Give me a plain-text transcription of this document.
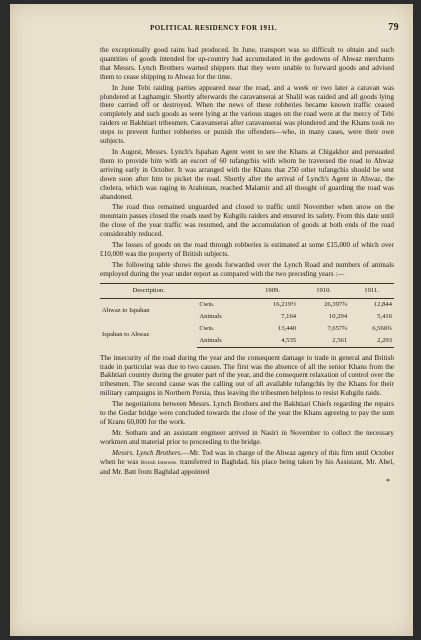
POLITICAL RESIDENCY FOR 1911.	79

the exceptionally good rains had produced. In June, transport was so difficult to obtain and such quantities of goods intended for up-country had accumulated in the godowns of Ahwaz merchants that Messrs. Lynch Brothers warned shippers that they were unable to forward goods and advised them to cease shipping to Ahwaz for the time.

In June Tebi raiding parties appeared near the road, and a week or two later a caravan was plundered at Laghamgir. Shortly afterwards the caravanserai at Shalil was raided and all goods lying there carried off or destroyed. When the news of these robberies became known traffic ceased completely and such goods as were lying at the various stages on the road were at the mercy of Tebi raiders or Bakhtiari tribesmen. Caravanserai after caravanserai was plundered and the Khans took no steps to prevent further robberies or punish the offenders—who, in many cases, were their own subjects.

In August, Messrs. Lynch's Ispahan Agent went to see the Khans at Chigakhor and persuaded them to provide him with an escort of 60 tufangchis with whom he traversed the road to Ahwaz arriving early in October. It was arranged with the Khans that 250 other tufangchis should be sent down soon after him to picket the road. Shortly after the arrival of Lynch's Agent in Ahwaz, the cholera, which was raging in Arabistan, reached Malamir and all thought of guarding the road was abandoned.

The road thus remained unguarded and closed to traffic until November when snow on the mountain passes closed the roads used by Kuhgilu raiders and ensured its safety. From this date until the close of the year traffic was resumed, and the accumulation of goods at both ends of the road considerably reduced.

The losses of goods on the road through robberies is estimated at some £15,000 of which over £10,000 was the property of British subjects.

The following table shows the goods forwarded over the Lynch Road and numbers of animals employed during the year under report as compared with the two preceding years :—

Description.		1909.	1910.	1911.
Ahwaz to Ispahan	Cwts.	16,219½	26,397¾	12,844
	Animals	7,164	10,294	5,416
Ispahan to Ahwaz	Cwts.	13,440	7,657¾	6,560¾
	Animals	4,535	2,561	2,293

The insecurity of the road during the year and the consequent damage to trade in general and British trade in particular was due to two causes. The first was the absence of all the senior Khans from the Bakhtiari country during the greater part of the year, and the consequent relaxation of control over the tribesmen. The second cause was the calling out of all available tufangchis by the Khans for their military campaigns in Northern Persia, thus leaving the tribesmen helpless to resist Kuhgilu raids.

The negotiations between Messrs. Lynch Brothers and the Bakhtiari Chiefs regarding the repairs to the Godar bridge were concluded towards the close of the year the Khans agreeing to pay the sum of Krans 60,000 for the work.

Mr. Sotham and an assistant engineer arrived in Nasiri in November to collect the necessary workmen and material prior to proceeding to the bridge.

Messrs. Lynch Brothers.—Mr. Tod was in charge of the Ahwaz agency of this firm until October when he was British Interests. transferred to Baghdad, his place being taken by his Assistant, Mr. Abel, and Mr. Batt from Baghdad appointed

*
